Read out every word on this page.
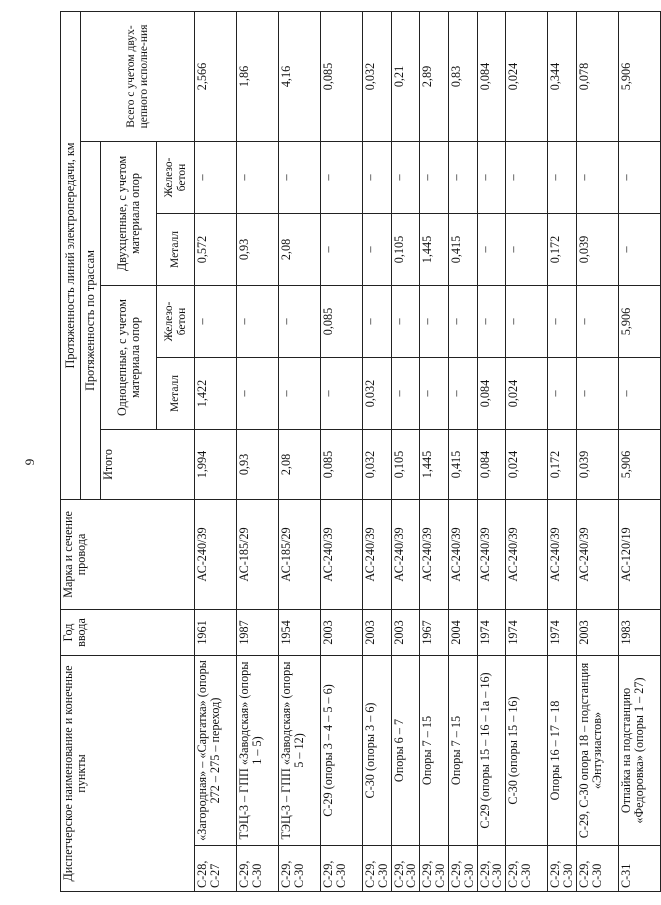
9
Диспетчерское наименование и конечные пункты		Год ввода	Марка и сечение провода	Протяженность линий электропередачи, км					
				Протяженность по трассам					Всего с учетом двух-цепного исполне-ния
				Итого	Одноцепные, с учетом материала опор		Двухцепные, с учетом материала опор		
					Металл	Железо-бетон	Металл	Железо-бетон	
С-28, С-27	«Загородная» – «Саргатка» (опоры 272 – 275 – переход)	1961	АС-240/39	1,994	1,422	–	0,572	–	2,566
С-29, С-30	ТЭЦ-3 – ГПП «Заводская» (опоры 1 – 5)	1987	АС-185/29	0,93	–	–	0,93	–	1,86
С-29, С-30	ТЭЦ-3 – ГПП «Заводская» (опоры 5 – 12)	1954	АС-185/29	2,08	–	–	2,08	–	4,16
С-29, С-30	С-29 (опоры 3 – 4 – 5 – 6)	2003	АС-240/39	0,085	–	0,085	–	–	0,085
С-29, С-30	С-30 (опоры 3 – 6)	2003	АС-240/39	0,032	0,032	–	–	–	0,032
С-29, С-30	Опоры 6 – 7	2003	АС-240/39	0,105	–	–	0,105	–	0,21
С-29, С-30	Опоры 7 – 15	1967	АС-240/39	1,445	–	–	1,445	–	2,89
С-29, С-30	Опоры 7 – 15	2004	АС-240/39	0,415	–	–	0,415	–	0,83
С-29, С-30	С-29 (опоры 15 – 16 – 1а – 16)	1974	АС-240/39	0,084	0,084	–	–	–	0,084
С-29, С-30	С-30 (опоры 15 – 16)	1974	АС-240/39	0,024	0,024	–	–	–	0,024
С-29, С-30	Опоры 16 – 17 – 18	1974	АС-240/39	0,172	–	–	0,172	–	0,344
С-29, С-30	С-29, С-30 опора 18 – подстанция «Энтузиастов»	2003	АС-240/39	0,039	–	–	0,039	–	0,078
С-31	Отпайка на подстанцию «Федоровка» (опоры 1 – 27)	1983	АС-120/19	5,906	–	5,906	–	–	5,906
